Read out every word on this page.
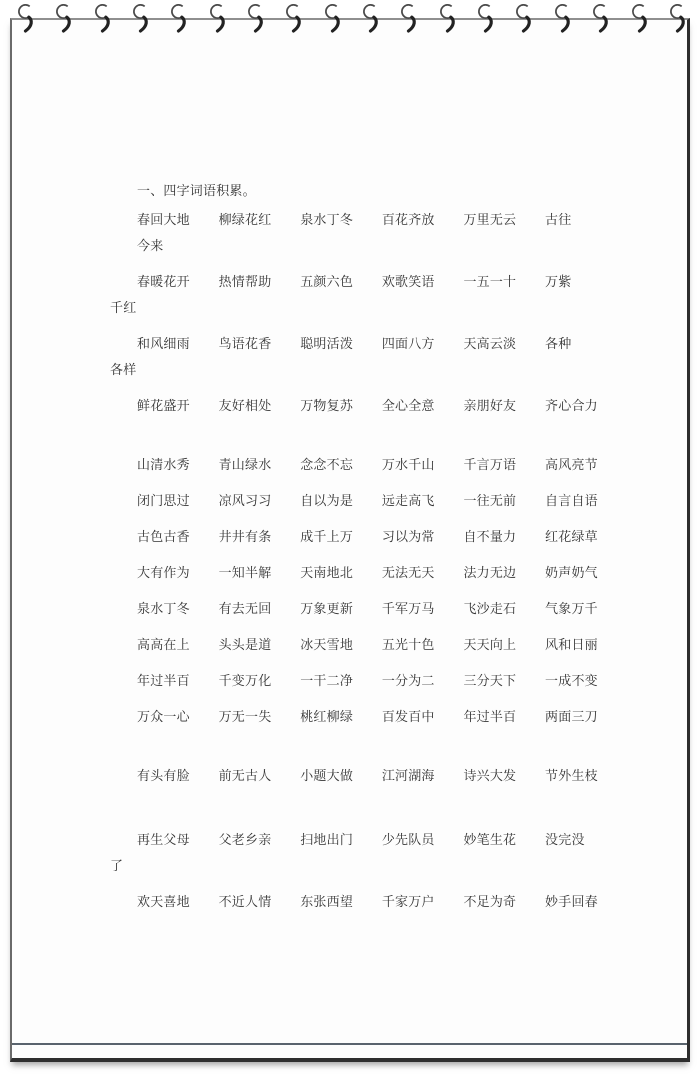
一、四字词语积累。
春回大地 柳绿花红 泉水丁冬 百花齐放 万里无云 古往
今来
春暖花开 热情帮助 五颜六色 欢歌笑语 一五一十 万紫
千红
和风细雨 鸟语花香 聪明活泼 四面八方 天高云淡 各种
各样
鲜花盛开 友好相处 万物复苏 全心全意 亲朋好友 齐心合力
山清水秀 青山绿水 念念不忘 万水千山 千言万语 高风亮节
闭门思过 凉风习习 自以为是 远走高飞 一往无前 自言自语
古色古香 井井有条 成千上万 习以为常 自不量力 红花绿草
大有作为 一知半解 天南地北 无法无天 法力无边 奶声奶气
泉水丁冬 有去无回 万象更新 千军万马 飞沙走石 气象万千
高高在上 头头是道 冰天雪地 五光十色 天天向上 风和日丽
年过半百 千变万化 一干二净 一分为二 三分天下 一成不变
万众一心 万无一失 桃红柳绿 百发百中 年过半百 两面三刀
有头有脸 前无古人 小题大做 江河湖海 诗兴大发 节外生枝
再生父母 父老乡亲 扫地出门 少先队员 妙笔生花 没完没
了
欢天喜地 不近人情 东张西望 千家万户 不足为奇 妙手回春
